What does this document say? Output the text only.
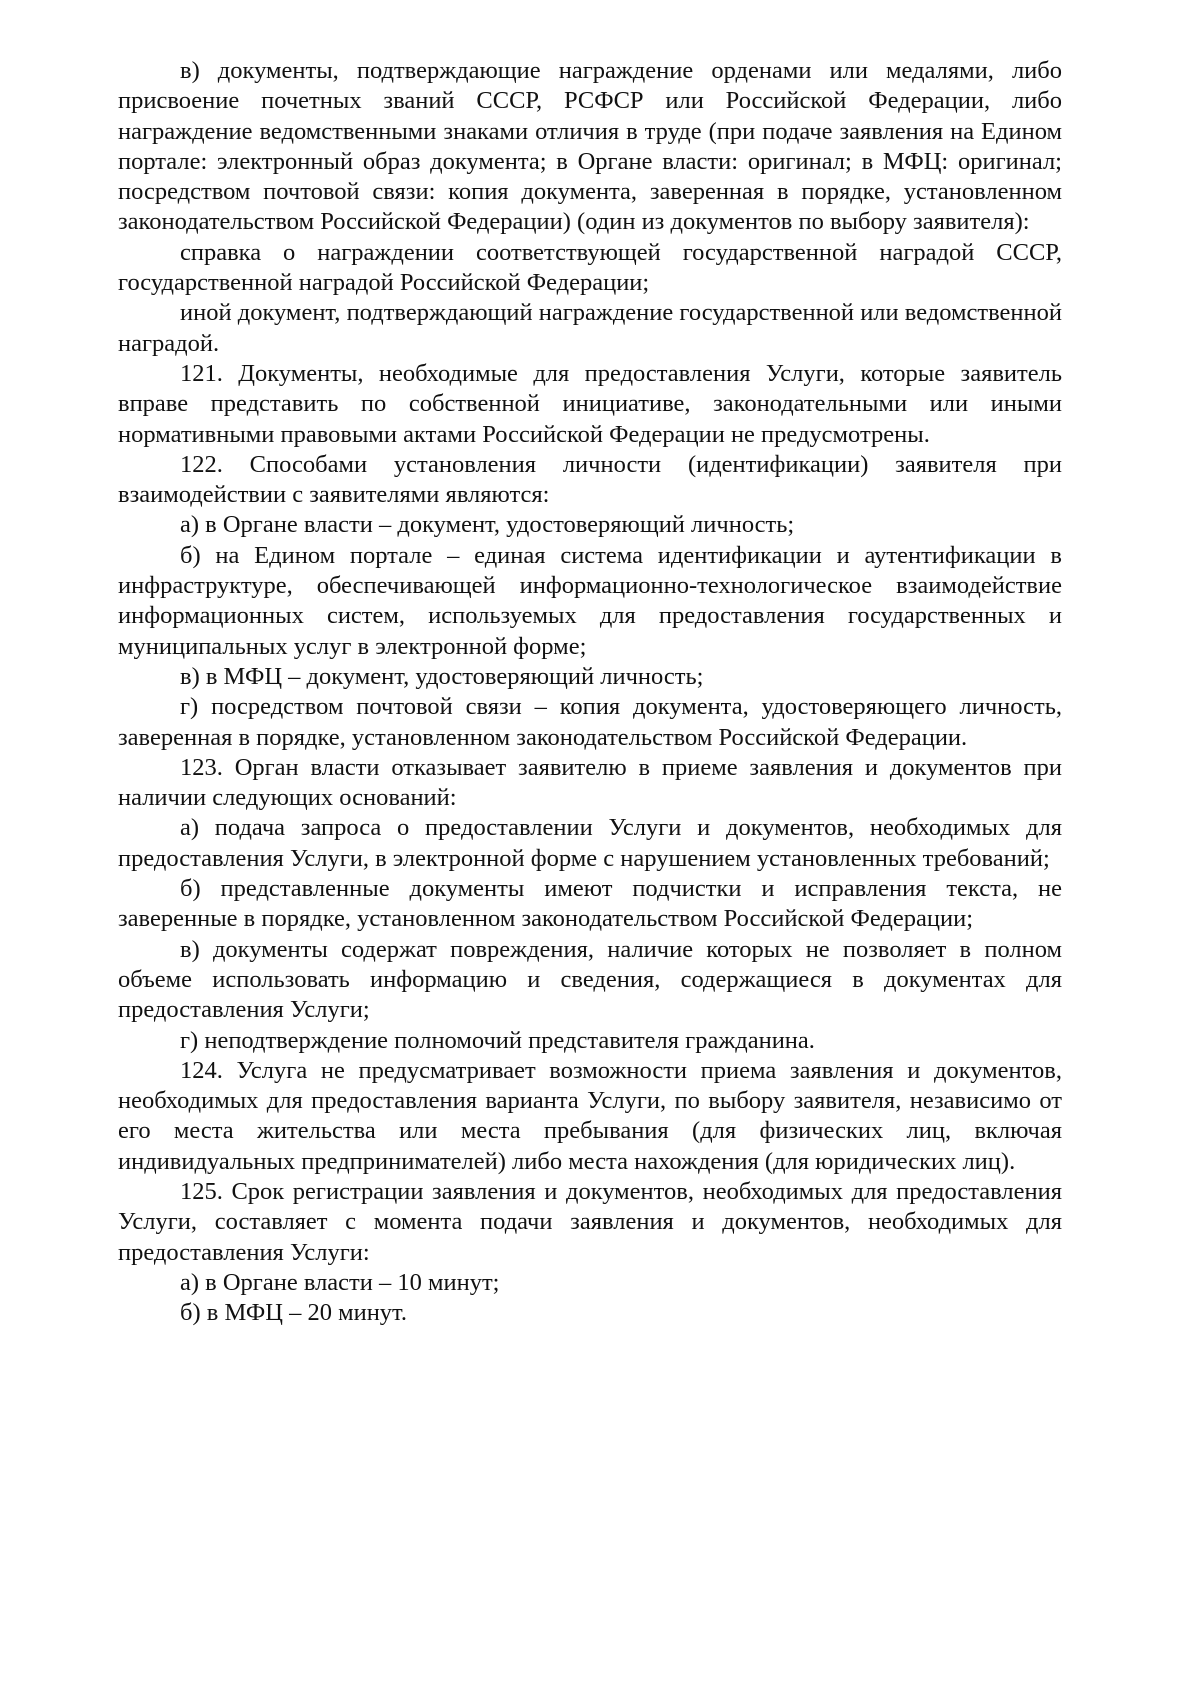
в) документы, подтверждающие награждение орденами или медалями, либо присвоение почетных званий СССР, РСФСР или Российской Федерации, либо награждение ведомственными знаками отличия в труде (при подаче заявления на Едином портале: электронный образ документа; в Органе власти: оригинал; в МФЦ: оригинал; посредством почтовой связи: копия документа, заверенная в порядке, установленном законодательством Российской Федерации) (один из документов по выбору заявителя):

справка о награждении соответствующей государственной наградой СССР, государственной наградой Российской Федерации;

иной документ, подтверждающий награждение государственной или ведомственной наградой.

121. Документы, необходимые для предоставления Услуги, которые заявитель вправе представить по собственной инициативе, законодательными или иными нормативными правовыми актами Российской Федерации не предусмотрены.

122. Способами установления личности (идентификации) заявителя при взаимодействии с заявителями являются:

а) в Органе власти – документ, удостоверяющий личность;

б) на Едином портале – единая система идентификации и аутентификации в инфраструктуре, обеспечивающей информационно-технологическое взаимодействие информационных систем, используемых для предоставления государственных и муниципальных услуг в электронной форме;

в) в МФЦ – документ, удостоверяющий личность;

г) посредством почтовой связи – копия документа, удостоверяющего личность, заверенная в порядке, установленном законодательством Российской Федерации.

123. Орган власти отказывает заявителю в приеме заявления и документов при наличии следующих оснований:

а) подача запроса о предоставлении Услуги и документов, необходимых для предоставления Услуги, в электронной форме с нарушением установленных требований;

б) представленные документы имеют подчистки и исправления текста, не заверенные в порядке, установленном законодательством Российской Федерации;

в) документы содержат повреждения, наличие которых не позволяет в полном объеме использовать информацию и сведения, содержащиеся в документах для предоставления Услуги;

г) неподтверждение полномочий представителя гражданина.

124. Услуга не предусматривает возможности приема заявления и документов, необходимых для предоставления варианта Услуги, по выбору заявителя, независимо от его места жительства или места пребывания (для физических лиц, включая индивидуальных предпринимателей) либо места нахождения (для юридических лиц).

125. Срок регистрации заявления и документов, необходимых для предоставления Услуги, составляет с момента подачи заявления и документов, необходимых для предоставления Услуги:

а) в Органе власти – 10 минут;

б) в МФЦ – 20 минут.
